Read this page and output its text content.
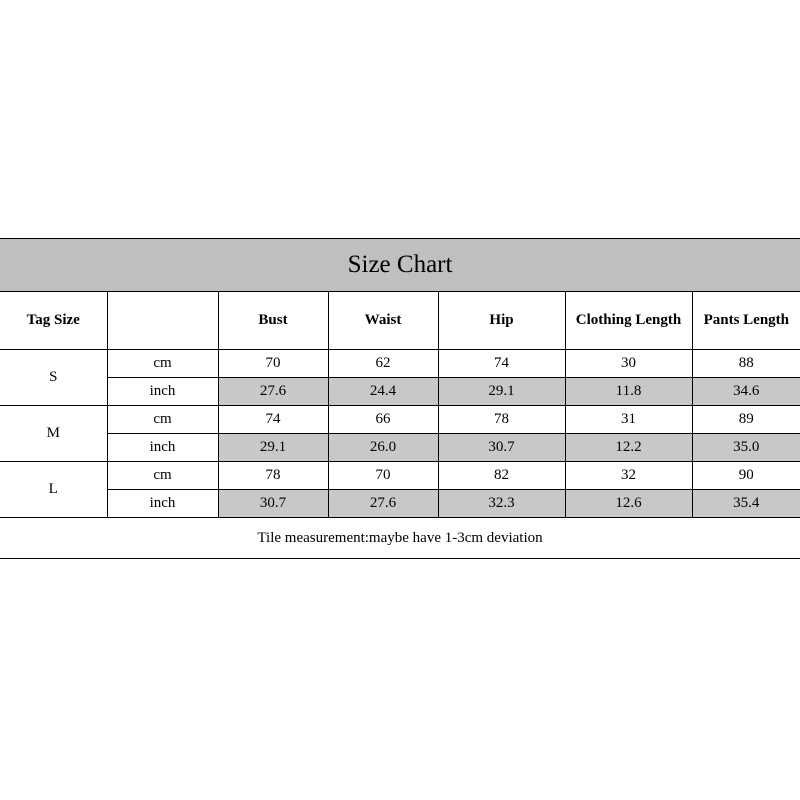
Size Chart						
Tag Size		Bust	Waist	Hip	Clothing Length	Pants Length
S	cm	70	62	74	30	88
	inch	27.6	24.4	29.1	11.8	34.6
M	cm	74	66	78	31	89
	inch	29.1	26.0	30.7	12.2	35.0
L	cm	78	70	82	32	90
	inch	30.7	27.6	32.3	12.6	35.4
Tile measurement:maybe have 1-3cm deviation						
